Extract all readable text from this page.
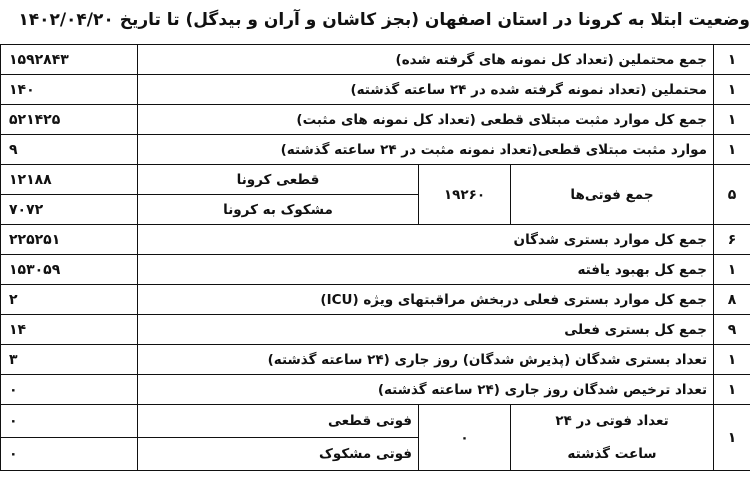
وضعیت ابتلا به کرونا در استان اصفهان (بجز کاشان و آران و بیدگل) تا تاریخ ۱۴۰۲/۰۴/۲۰
۱۵۹۲۸۴۳	جمع محتملین (تعداد کل نمونه های گرفته شده)			۱
۱۴۰	محتملین (تعداد نمونه گرفته شده در ۲۴ ساعته گذشته)			۱
۵۲۱۴۲۵	جمع کل موارد مثبت مبتلای قطعی (تعداد کل نمونه های مثبت)			۱
۹	موارد مثبت مبتلای قطعی(تعداد نمونه مثبت در ۲۴ ساعته گذشته)			۱
۱۲۱۸۸	قطعی کرونا	۱۹۲۶۰	جمع فوتی‌ها	۵
۷۰۷۲	مشکوک به کرونا			
۲۲۵۲۵۱	جمع کل موارد بستری شدگان			۶
۱۵۳۰۵۹	جمع کل بهبود یافته			۱
۲	جمع کل موارد بستری فعلی دربخش مراقبتهای ویژه (ICU)			۸
۱۴	جمع کل بستری فعلی			۹
۳	تعداد بستری شدگان (پذیرش شدگان) روز جاری (۲۴ ساعته گذشته)			۱
۰	تعداد ترخیص شدگان روز جاری (۲۴ ساعته گذشته)			۱
۰	فوتی قطعی	۰	تعداد فوتی در ۲۴	۱
۰	فوتی مشکوک		ساعت گذشته	
